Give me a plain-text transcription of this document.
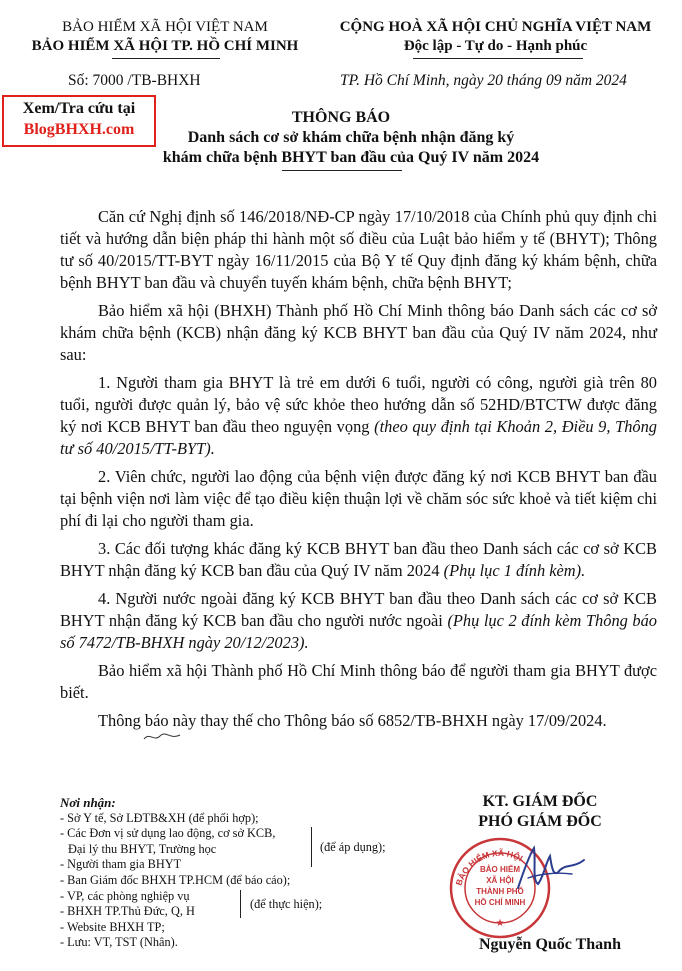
BẢO HIỂM XÃ HỘI VIỆT NAM
BẢO HIỂM XÃ HỘI TP. HỒ CHÍ MINH
Số: 7000 /TB-BHXH
CỘNG HOÀ XÃ HỘI CHỦ NGHĨA VIỆT NAM
Độc lập - Tự do - Hạnh phúc
TP. Hồ Chí Minh, ngày 20 tháng 09 năm 2024
Xem/Tra cứu tại
BlogBHXH.com
THÔNG BÁO
Danh sách cơ sở khám chữa bệnh nhận đăng ký
khám chữa bệnh BHYT ban đầu của Quý IV năm 2024

Căn cứ Nghị định số 146/2018/NĐ-CP ngày 17/10/2018 của Chính phủ quy định chi tiết và hướng dẫn biện pháp thi hành một số điều của Luật bảo hiểm y tế (BHYT); Thông tư số 40/2015/TT-BYT ngày 16/11/2015 của Bộ Y tế Quy định đăng ký khám bệnh, chữa bệnh BHYT ban đầu và chuyển tuyến khám bệnh, chữa bệnh BHYT;

Bảo hiểm xã hội (BHXH) Thành phố Hồ Chí Minh thông báo Danh sách các cơ sở khám chữa bệnh (KCB) nhận đăng ký KCB BHYT ban đầu của Quý IV năm 2024, như sau:

1. Người tham gia BHYT là trẻ em dưới 6 tuổi, người có công, người già trên 80 tuổi, người được quản lý, bảo vệ sức khỏe theo hướng dẫn số 52HD/BTCTW được đăng ký nơi KCB BHYT ban đầu theo nguyện vọng (theo quy định tại Khoản 2, Điều 9, Thông tư số 40/2015/TT-BYT).

2. Viên chức, người lao động của bệnh viện được đăng ký nơi KCB BHYT ban đầu tại bệnh viện nơi làm việc để tạo điều kiện thuận lợi về chăm sóc sức khoẻ và tiết kiệm chi phí đi lại cho người tham gia.

3. Các đối tượng khác đăng ký KCB BHYT ban đầu theo Danh sách các cơ sở KCB BHYT nhận đăng ký KCB ban đầu của Quý IV năm 2024 (Phụ lục 1 đính kèm).

4. Người nước ngoài đăng ký KCB BHYT ban đầu theo Danh sách các cơ sở KCB BHYT nhận đăng ký KCB ban đầu cho người nước ngoài (Phụ lục 2 đính kèm Thông báo số 7472/TB-BHXH ngày 20/12/2023).

Bảo hiểm xã hội Thành phố Hồ Chí Minh thông báo để người tham gia BHYT được biết.

Thông báo này thay thế cho Thông báo số 6852/TB-BHXH ngày 17/09/2024.

Nơi nhận:
- Sở Y tế, Sở LĐTB&XH (để phối hợp);
- Các Đơn vị sử dụng lao động, cơ sở KCB,
Đại lý thu BHYT, Trường học
- Người tham gia BHYT
- Ban Giám đốc BHXH TP.HCM (để báo cáo);
- VP, các phòng nghiệp vụ
- BHXH TP.Thủ Đức, Q, H
- Website BHXH TP;
- Lưu: VT, TST (Nhân).
(để áp dụng);
(để thực hiện);
KT. GIÁM ĐỐC
PHÓ GIÁM ĐỐC
BẢO HIỂM XÃ HỘI
BẢO HIỂM
XÃ HỘI
THÀNH PHỐ
HỒ CHÍ MINH
★
Nguyễn Quốc Thanh
